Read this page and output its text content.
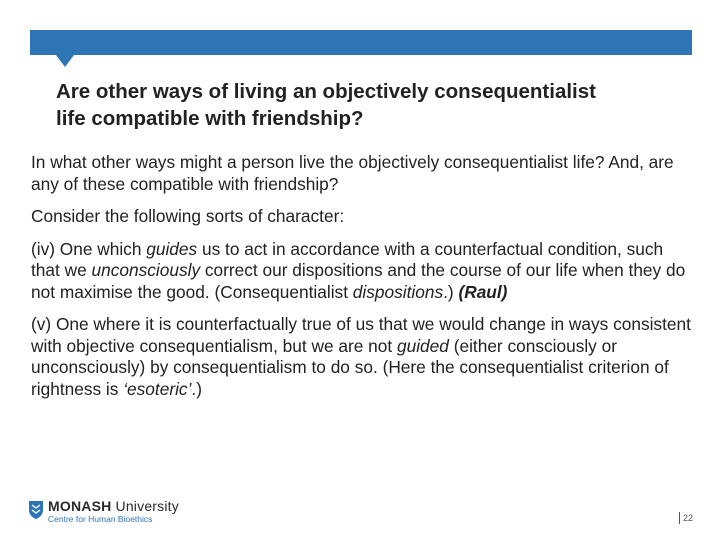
Are other ways of living an objectively consequentialist
life compatible with friendship?

In what other ways might a person live the objectively consequentialist life? And, are any of these compatible with friendship?

Consider the following sorts of character:

(iv) One which guides us to act in accordance with a counterfactual condition, such that we unconsciously correct our dispositions and the course of our life when they do not maximise the good. (Consequentialist dispositions.) (Raul)

(v) One where it is counterfactually true of us that we would change in ways consistent with objective consequentialism, but we are not guided (either consciously or unconsciously) by consequentialism to do so. (Here the consequentialist criterion of rightness is ‘esoteric’.)

MONASH University
Centre for Human Bioethics	22
